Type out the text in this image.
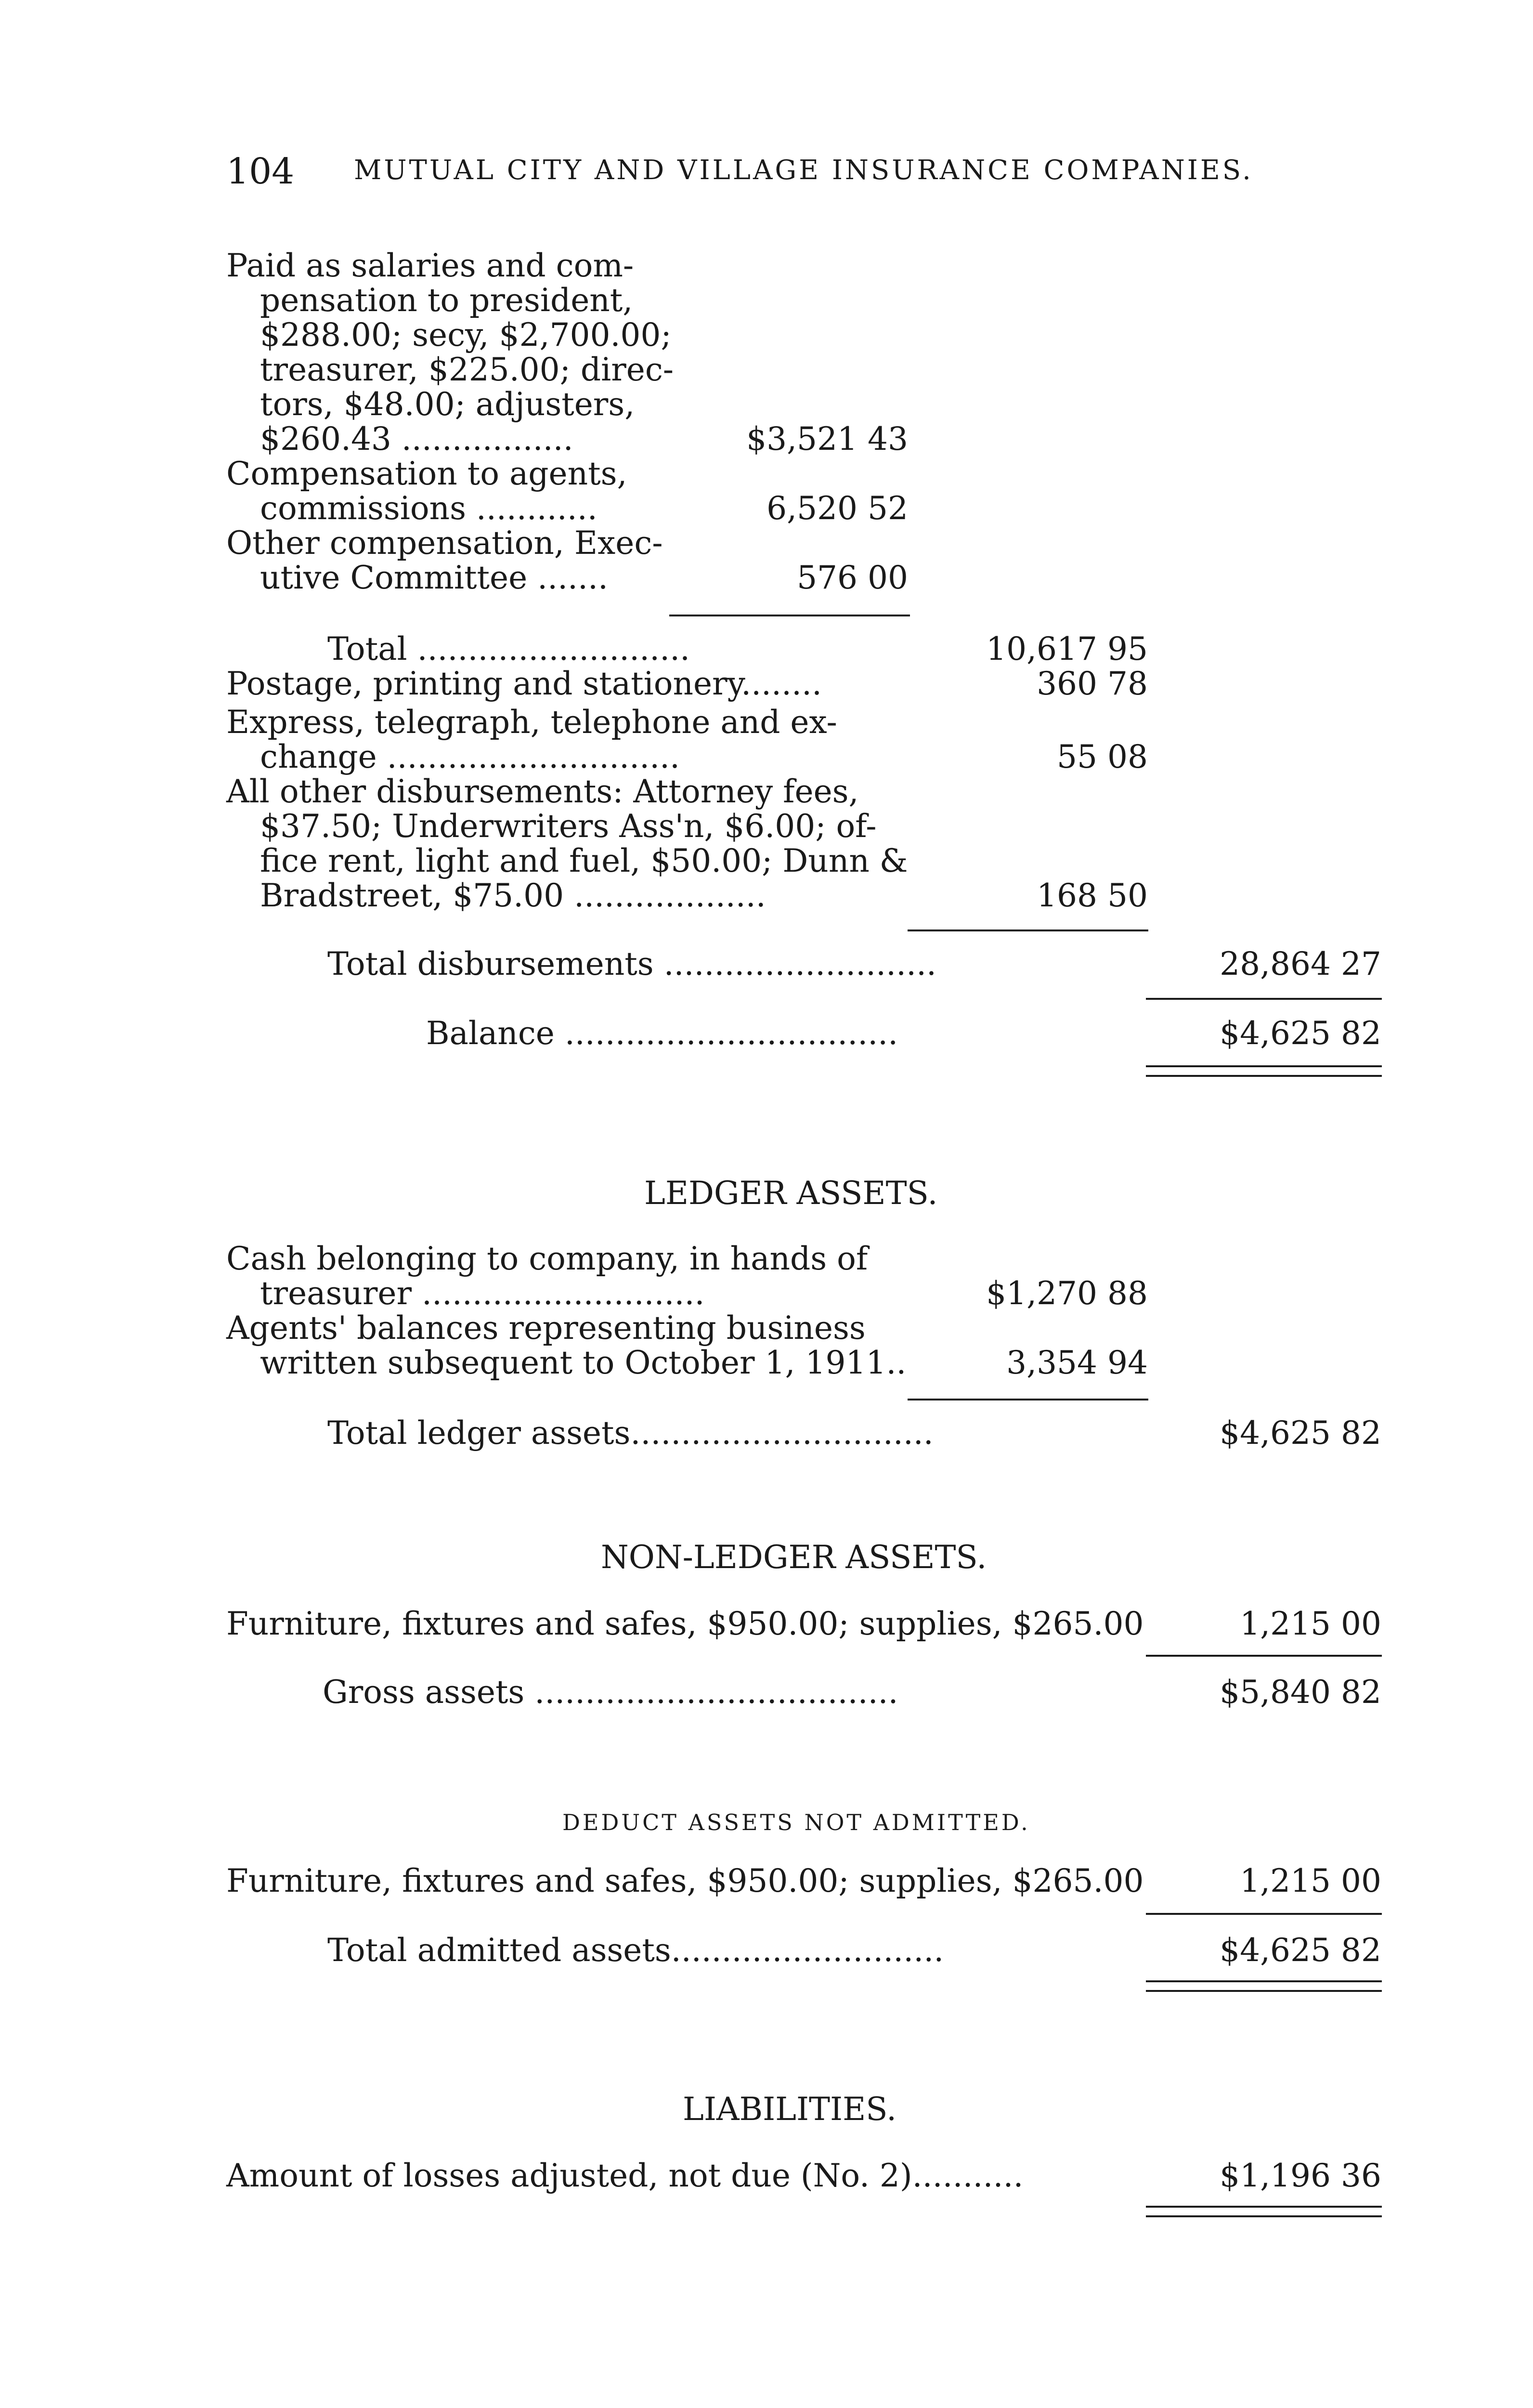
104 MUTUAL CITY AND VILLAGE INSURANCE COMPANIES.
Paid as salaries and com-
pensation to president,
$288.00; secy, $2,700.00;
treasurer, $225.00; direc-
tors, $48.00; adjusters,
$260.43 .................	$3,521 43
Compensation to agents,
commissions ............	6,520 52
Other compensation, Exec-
utive Committee .......	576 00
Total ...........................	10,617 95
Postage, printing and stationery........	360 78
Express, telegraph, telephone and ex-
change .............................	55 08
All other disbursements: Attorney fees,
$37.50; Underwriters Ass'n, $6.00; of-
fice rent, light and fuel, $50.00; Dunn &
Bradstreet, $75.00 ...................	168 50
Total disbursements ...........................	28,864 27
Balance .................................	$4,625 82
LEDGER ASSETS.
Cash belonging to company, in hands of
treasurer ............................	$1,270 88
Agents' balances representing business
written subsequent to October 1, 1911..	3,354 94
Total ledger assets..............................	$4,625 82
NON-LEDGER ASSETS.
Furniture, fixtures and safes, $950.00; supplies, $265.00	1,215 00
Gross assets ....................................	$5,840 82
DEDUCT ASSETS NOT ADMITTED.
Furniture, fixtures and safes, $950.00; supplies, $265.00	1,215 00
Total admitted assets...........................	$4,625 82
LIABILITIES.
Amount of losses adjusted, not due (No. 2)...........	$1,196 36
